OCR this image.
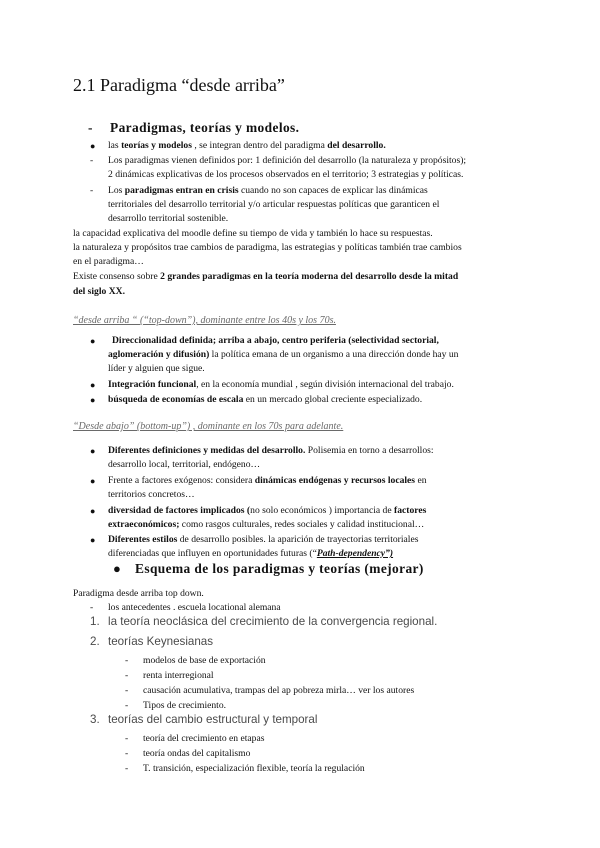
2.1 Paradigma “desde arriba”
- Paradigmas, teorías y modelos.
● las teorías y modelos , se integran dentro del paradigma del desarrollo.
- Los paradigmas vienen definidos por: 1 definición del desarrollo (la naturaleza y propósitos);
2 dinámicas explicativas de los procesos observados en el territorio; 3 estrategias y políticas.
- Los paradigmas entran en crisis cuando no son capaces de explicar las dinámicas
territoriales del desarrollo territorial y/o articular respuestas políticas que garanticen el
desarrollo territorial sostenible.
la capacidad explicativa del moodle define su tiempo de vida y también lo hace su respuestas.
la naturaleza y propósitos trae cambios de paradigma, las estrategias y políticas también trae cambios
en el paradigma…
Existe consenso sobre 2 grandes paradigmas en la teoría moderna del desarrollo desde la mitad
del siglo XX.
“desde arriba “ (“top-down”), dominante entre los 40s y los 70s.
● Direccionalidad definida; arriba a abajo, centro periferia (selectividad sectorial,
aglomeración y difusión) la política emana de un organismo a una dirección donde hay un
líder y alguien que sigue.
● Integración funcional, en la economía mundial , según división internacional del trabajo.
● búsqueda de economías de escala en un mercado global creciente especializado.
“Desde abajo” (bottom-up”) , dominante en los 70s para adelante.
● Diferentes definiciones y medidas del desarrollo. Polisemia en torno a desarrollos:
desarrollo local, territorial, endógeno…
● Frente a factores exógenos: considera dinámicas endógenas y recursos locales en
territorios concretos…
● diversidad de factores implicados (no solo económicos ) importancia de factores
extraeconómicos; como rasgos culturales, redes sociales y calidad institucional…
● Diferentes estilos de desarrollo posibles. la aparición de trayectorias territoriales
diferenciadas que influyen en oportunidades futuras (“Path-dependency”)
● Esquema de los paradigmas y teorías (mejorar)
Paradigma desde arriba top down.
- los antecedentes . escuela locational alemana
1. la teoría neoclásica del crecimiento de la convergencia regional.
2. teorías Keynesianas
- modelos de base de exportación
- renta interregional
- causación acumulativa, trampas del ap pobreza mirla… ver los autores
- Tipos de crecimiento.
3. teorías del cambio estructural y temporal
- teoría del crecimiento en etapas
- teoría ondas del capitalismo
- T. transición, especialización flexible, teoría la regulación
